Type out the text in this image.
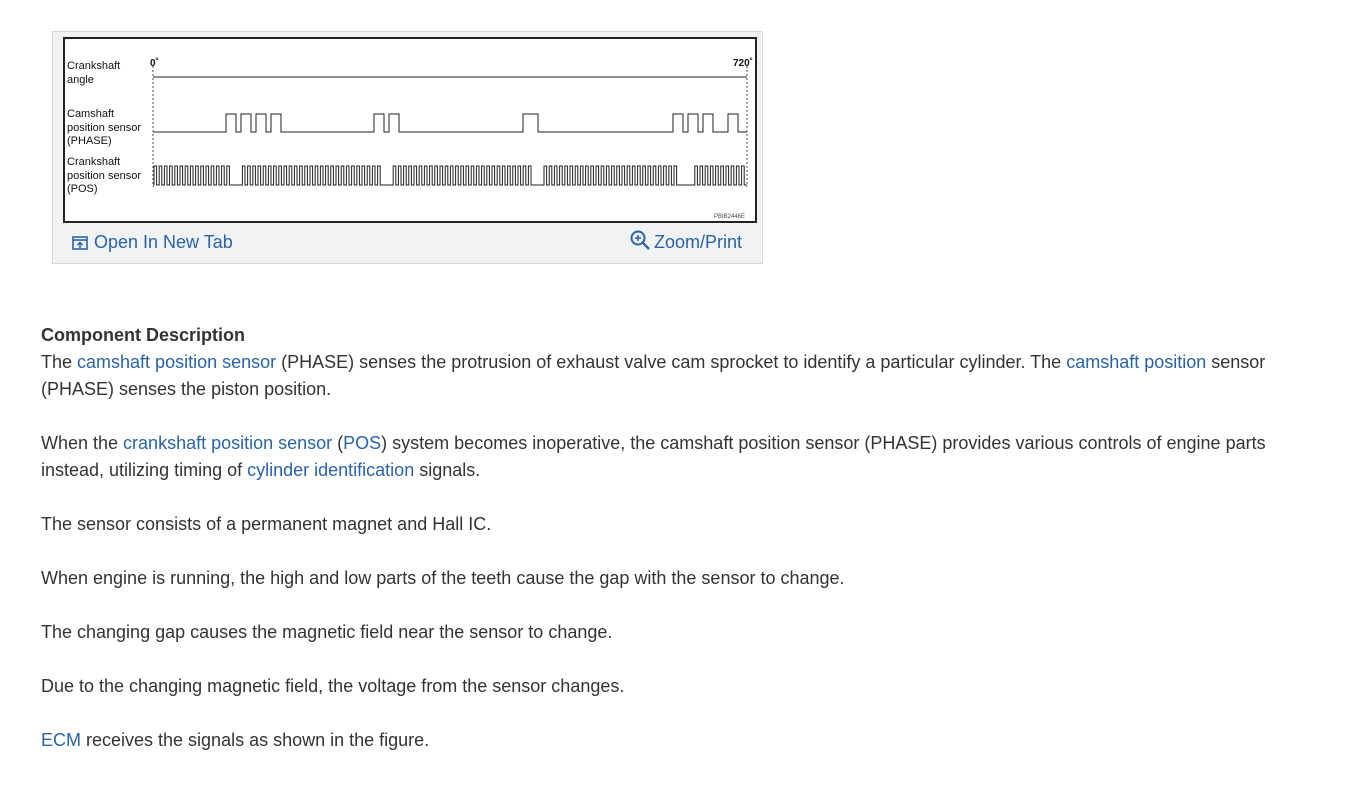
Crankshaft
angle
Camshaft
position sensor
(PHASE)
Crankshaft
position sensor
(POS)
0˚	720˚
PBIB2446E
Open In New Tab	Zoom/Print
Component Description

The camshaft position sensor (PHASE) senses the protrusion of exhaust valve cam sprocket to identify a particular cylinder. The camshaft position sensor (PHASE) senses the piston position.

When the crankshaft position sensor (POS) system becomes inoperative, the camshaft position sensor (PHASE) provides various controls of engine parts instead, utilizing timing of cylinder identification signals.

The sensor consists of a permanent magnet and Hall IC.

When engine is running, the high and low parts of the teeth cause the gap with the sensor to change.

The changing gap causes the magnetic field near the sensor to change.

Due to the changing magnetic field, the voltage from the sensor changes.

ECM receives the signals as shown in the figure.
